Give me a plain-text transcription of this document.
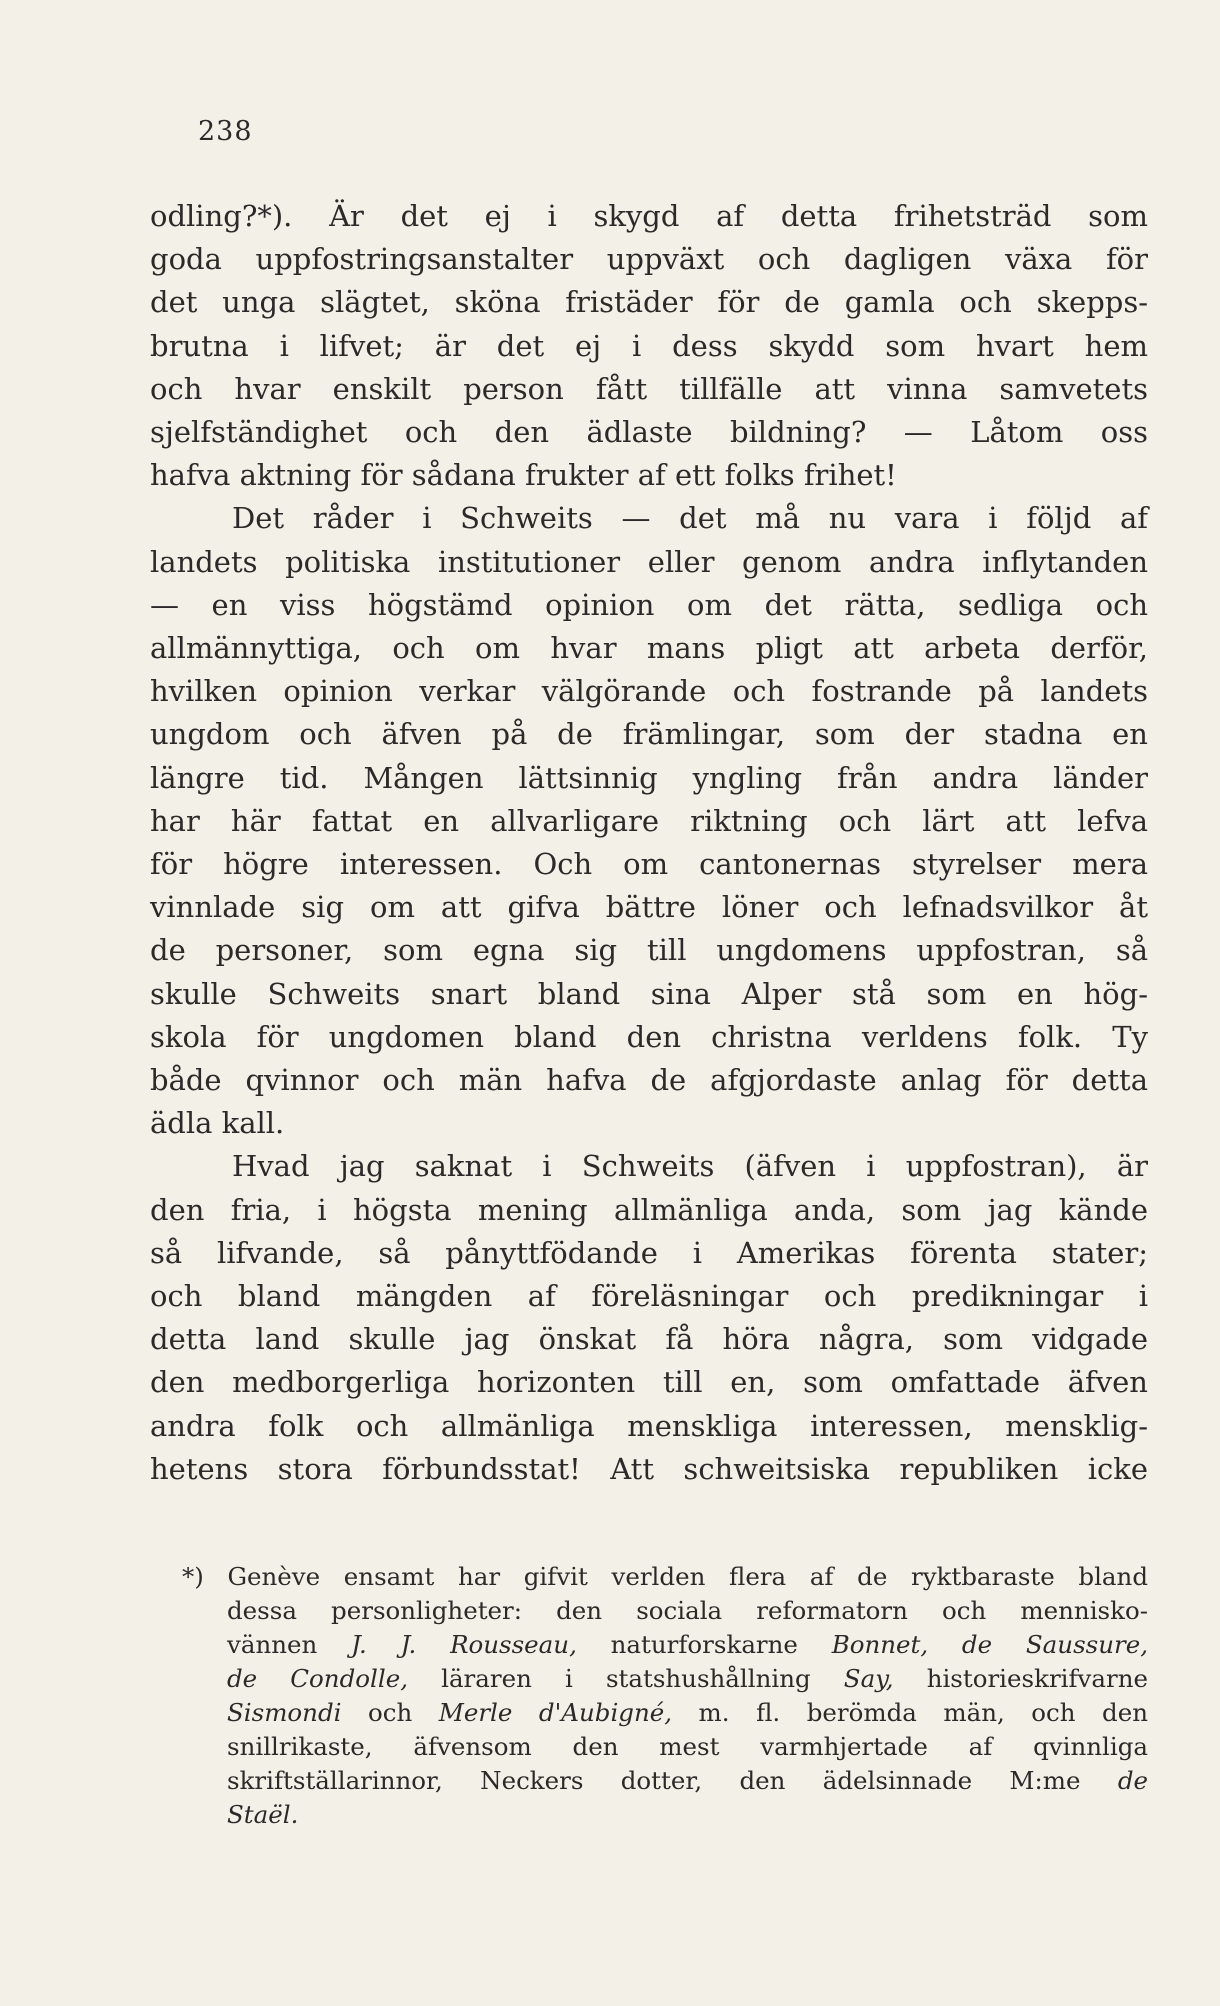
238
odling?*). Är det ej i skygd af detta frihetsträd som
goda uppfostringsanstalter uppväxt och dagligen växa för
det unga slägtet, sköna fristäder för de gamla och skepps-
brutna i lifvet; är det ej i dess skydd som hvart hem
och hvar enskilt person fått tillfälle att vinna samvetets
sjelfständighet och den ädlaste bildning? — Låtom oss
hafva aktning för sådana frukter af ett folks frihet!
Det råder i Schweits — det må nu vara i följd af
landets politiska institutioner eller genom andra inflytanden
— en viss högstämd opinion om det rätta, sedliga och
allmännyttiga, och om hvar mans pligt att arbeta derför,
hvilken opinion verkar välgörande och fostrande på landets
ungdom och äfven på de främlingar, som der stadna en
längre tid. Mången lättsinnig yngling från andra länder
har här fattat en allvarligare riktning och lärt att lefva
för högre interessen. Och om cantonernas styrelser mera
vinnlade sig om att gifva bättre löner och lefnadsvilkor åt
de personer, som egna sig till ungdomens uppfostran, så
skulle Schweits snart bland sina Alper stå som en hög-
skola för ungdomen bland den christna verldens folk. Ty
både qvinnor och män hafva de afgjordaste anlag för detta
ädla kall.
Hvad jag saknat i Schweits (äfven i uppfostran), är
den fria, i högsta mening allmänliga anda, som jag kände
så lifvande, så pånyttfödande i Amerikas förenta stater;
och bland mängden af föreläsningar och predikningar i
detta land skulle jag önskat få höra några, som vidgade
den medborgerliga horizonten till en, som omfattade äfven
andra folk och allmänliga menskliga interessen, mensklig-
hetens stora förbundsstat! Att schweitsiska republiken icke
*) Genève ensamt har gifvit verlden flera af de ryktbaraste bland
dessa personligheter: den sociala reformatorn och mennisko-
vännen J. J. Rousseau, naturforskarne Bonnet, de Saussure,
de Condolle, läraren i statshushållning Say, historieskrifvarne
Sismondi och Merle d'Aubigné, m. fl. berömda män, och den
snillrikaste, äfvensom den mest varmhjertade af qvinnliga
skriftställarinnor, Neckers dotter, den ädelsinnade M:me de
Staël.
